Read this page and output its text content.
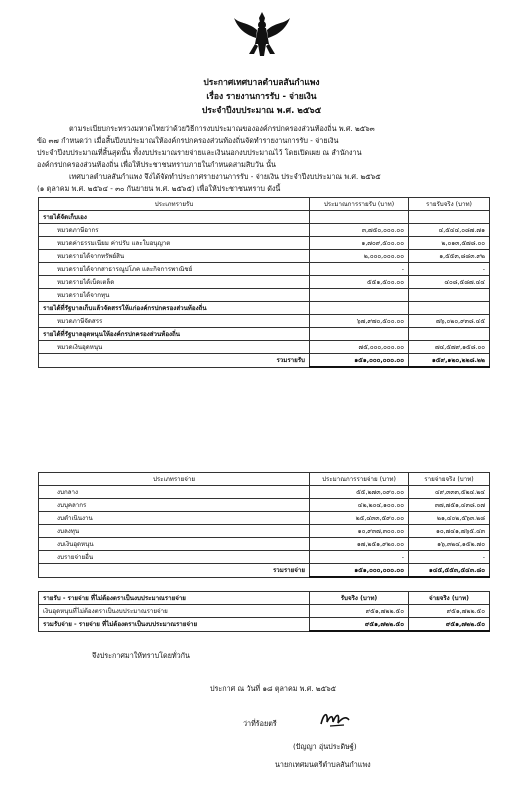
ประกาศเทศบาลตำบลสันกำแพง
เรื่อง รายงานการรับ - จ่ายเงิน
ประจำปีงบประมาณ พ.ศ. ๒๕๖๕

ตามระเบียบกระทรวงมหาดไทยว่าด้วยวิธีการงบประมาณขององค์กรปกครองส่วนท้องถิ่น พ.ศ. ๒๕๖๓

ข้อ ๓๗ กำหนดว่า เมื่อสิ้นปีงบประมาณให้องค์กรปกครองส่วนท้องถิ่นจัดทำรายงานการรับ - จ่ายเงิน

ประจำปีงบประมาณที่สิ้นสุดนั้น ทั้งงบประมาณรายจ่ายและเงินนอกงบประมาณไว้ โดยเปิดเผย ณ สำนักงาน

องค์กรปกครองส่วนท้องถิ่น เพื่อให้ประชาชนทราบภายในกำหนดสามสิบวัน นั้น

เทศบาลตำบลสันกำแพง จึงได้จัดทำประกาศรายงานการรับ - จ่ายเงิน ประจำปีงบประมาณ พ.ศ. ๒๕๖๕

(๑ ตุลาคม พ.ศ. ๒๕๖๔ - ๓๐ กันยายน พ.ศ. ๒๕๖๕) เพื่อให้ประชาชนทราบ ดังนี้

ประเภทรายรับ	ประมาณการรายรับ (บาท)	รายรับจริง (บาท)
รายได้จัดเก็บเอง		
หมวดภาษีอากร	๓,๗๕๐,๐๐๐.๐๐	๔,๕๔๔,๐๘๗.๗๑
หมวดค่าธรรมเนียม ค่าปรับ และใบอนุญาต	๑,๗๐๙,๕๐๐.๐๐	๒,๐๑๓,๕๗๘.๐๐
หมวดรายได้จากทรัพย์สิน	๒,๐๐๐,๐๐๐.๐๐	๑,๕๕๓,๘๘๓.๙๒
หมวดรายได้จากสาธารณูปโภค และกิจการพาณิชย์	-	-
หมวดรายได้เบ็ดเตล็ด	๕๕๑,๕๐๐.๐๐	๔๐๘,๕๘๗.๔๔
หมวดรายได้จากทุน		
รายได้ที่รัฐบาลเก็บแล้วจัดสรรให้แก่องค์กรปกครองส่วนท้องถิ่น		
หมวดภาษีจัดสรร	๖๗,๙๗๐,๕๐๐.๐๐	๗๖,๐๒๐,๙๓๘.๔๕
รายได้ที่รัฐบาลอุดหนุนให้องค์กรปกครองส่วนท้องถิ่น		
หมวดเงินอุดหนุน	๗๕,๐๐๐,๐๐๐.๐๐	๗๔,๕๗๙,๑๕๘.๐๐
รวมรายรับ	๑๕๑,๐๐๐,๐๐๐.๐๐	๑๕๙,๑๒๐,๒๒๘.๒๒
ประเภทรายจ่าย	ประมาณการรายจ่าย (บาท)	รายจ่ายจริง (บาท)
งบกลาง	๕๕,๒๗๓,๐๙๐.๐๐	๔๙,๓๓๓,๕๒๔.๒๔
งบบุคลากร	๔๒,๒๐๔,๑๐๐.๐๐	๓๗,๗๕๑,๔๓๘.๐๗
งบดำเนินงาน	๒๕,๔๓๓,๕๙๐.๐๐	๒๑,๔๐๒,๕๖๓.๒๘
งบลงทุน	๑๐,๙๓๗,๓๐๐.๐๐	๑๐,๗๔๑,๗๖๕.๔๓
งบเงินอุดหนุน	๑๗,๒๕๑,๙๒๐.๐๐	๑๖,๓๒๔,๑๕๒.๗๐
งบรายจ่ายอื่น	-	-
รวมรายจ่าย	๑๕๑,๐๐๐,๐๐๐.๐๐	๑๔๕,๕๕๓,๕๔๓.๘๐
รายรับ - รายจ่าย ที่ไม่ต้องตราเป็นงบประมาณรายจ่าย	รับจริง (บาท)	จ่ายจริง (บาท)
เงินอุดหนุนที่ไม่ต้องตราเป็นงบประมาณรายจ่าย	๙๕๑,๗๒๒.๕๐	๙๕๑,๗๒๒.๕๐
รวมรับจ่าย - รายจ่าย ที่ไม่ต้องตราเป็นงบประมาณรายจ่าย	๙๕๑,๗๒๒.๕๐	๙๕๑,๗๒๒.๕๐
จึงประกาศมาให้ทราบโดยทั่วกัน
ประกาศ ณ วันที่ ๑๘ ตุลาคม พ.ศ. ๒๕๖๕
ว่าที่ร้อยตรี
(ปัญญา อุ่นประดิษฐ์)
นายกเทศมนตรีตำบลสันกำแพง
